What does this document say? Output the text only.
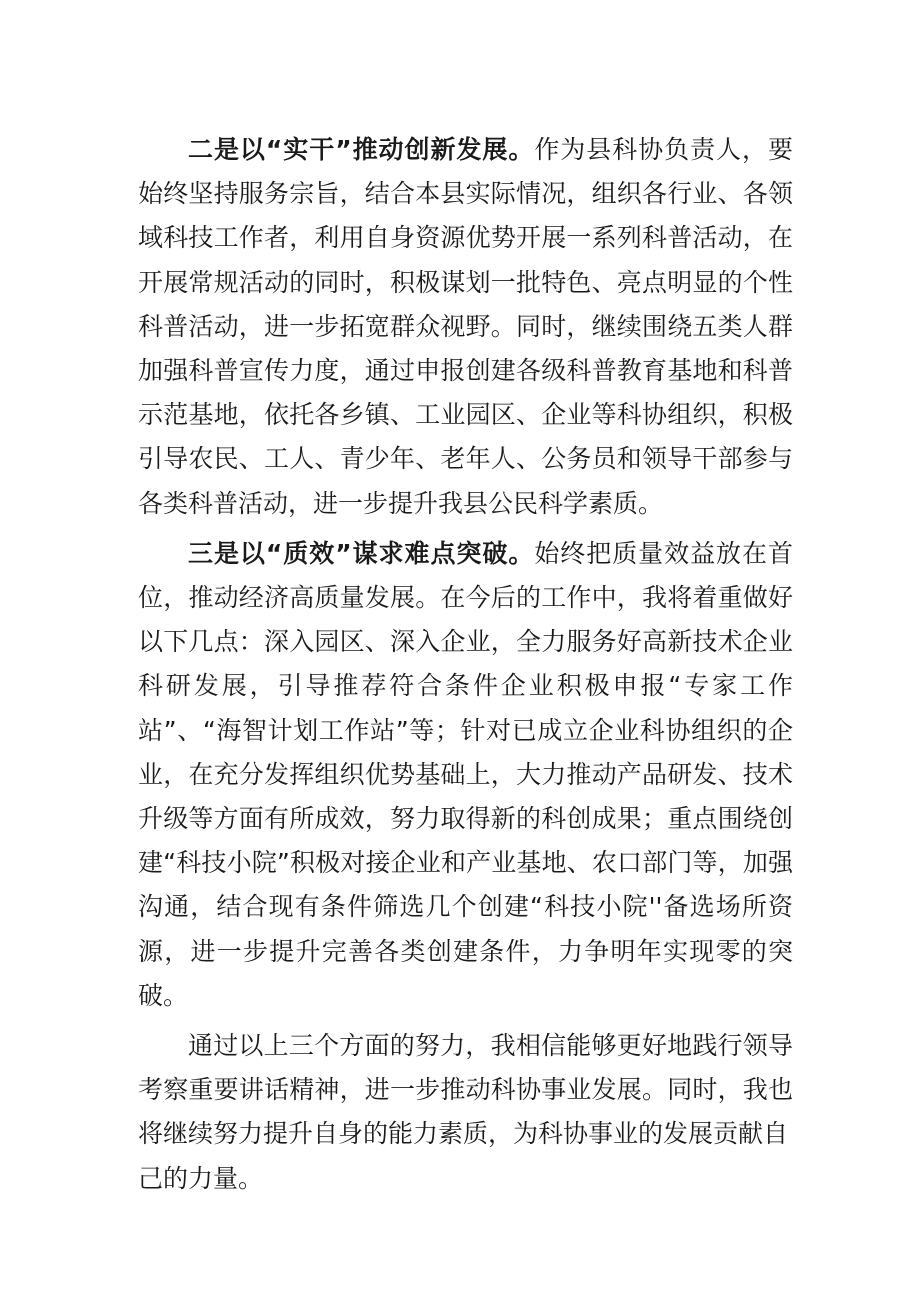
二是以“实干”推动创新发展。作为县科协负责人，要始终坚持服务宗旨，结合本县实际情况，组织各行业、各领域科技工作者，利用自身资源优势开展一系列科普活动，在开展常规活动的同时，积极谋划一批特色、亮点明显的个性科普活动，进一步拓宽群众视野。同时，继续围绕五类人群加强科普宣传力度，通过申报创建各级科普教育基地和科普示范基地，依托各乡镇、工业园区、企业等科协组织，积极引导农民、工人、青少年、老年人、公务员和领导干部参与各类科普活动，进一步提升我县公民科学素质。

三是以“质效”谋求难点突破。始终把质量效益放在首位，推动经济高质量发展。在今后的工作中，我将着重做好以下几点：深入园区、深入企业，全力服务好高新技术企业科研发展，引导推荐符合条件企业积极申报“专家工作站”、“海智计划工作站”等；针对已成立企业科协组织的企业，在充分发挥组织优势基础上，大力推动产品研发、技术升级等方面有所成效，努力取得新的科创成果；重点围绕创建“科技小院”积极对接企业和产业基地、农口部门等，加强沟通，结合现有条件筛选几个创建“科技小院''备选场所资源，进一步提升完善各类创建条件，力争明年实现零的突破。

通过以上三个方面的努力，我相信能够更好地践行领导考察重要讲话精神，进一步推动科协事业发展。同时，我也将继续努力提升自身的能力素质，为科协事业的发展贡献自
己的力量。
